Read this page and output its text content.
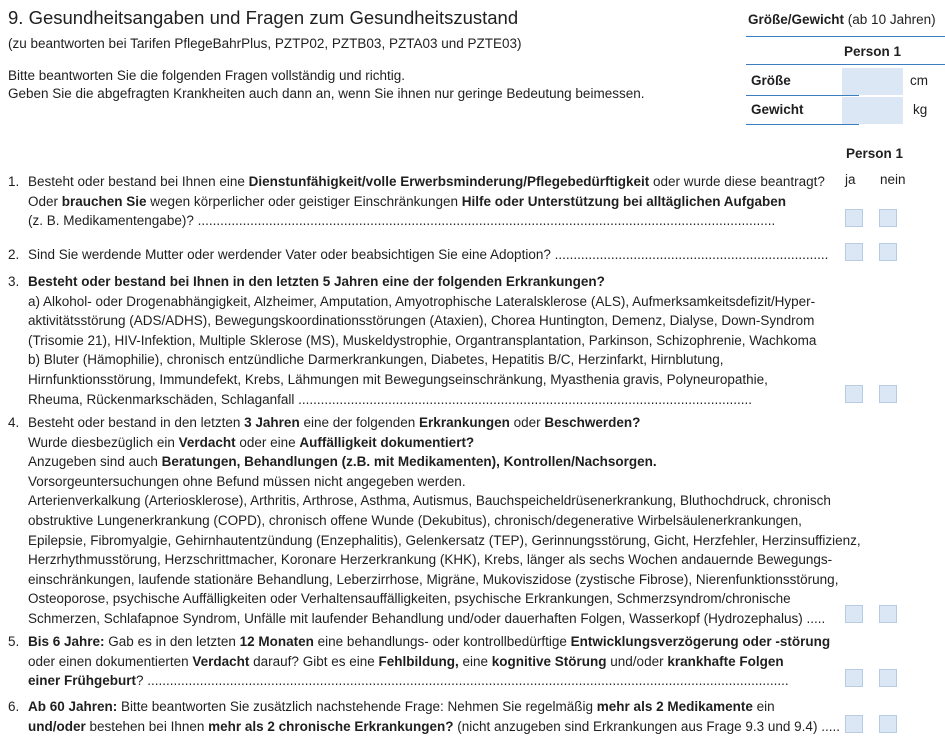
9. Gesundheitsangaben und Fragen zum Gesundheitszustand
(zu beantworten bei Tarifen PflegeBahrPlus, PZTP02, PZTB03, PZTA03 und PZTE03)
Bitte beantworten Sie die folgenden Fragen vollständig und richtig.
Geben Sie die abgefragten Krankheiten auch dann an, wenn Sie ihnen nur geringe Bedeutung beimessen.
Größe/Gewicht (ab 10 Jahren)
Person 1
Größe	cm
Gewicht	kg
Person 1
ja nein
1. Besteht oder bestand bei Ihnen eine Dienstunfähigkeit/volle Erwerbsminderung/Pflegebedürftigkeit oder wurde diese beantragt?
Oder brauchen Sie wegen körperlicher oder geistiger Einschränkungen Hilfe oder Unterstützung bei alltäglichen Aufgaben
(z. B. Medikamentengabe)? ..........................................................................................................................................................
2. Sind Sie werdende Mutter oder werdender Vater oder beabsichtigen Sie eine Adoption? .........................................................................
3. Besteht oder bestand bei Ihnen in den letzten 5 Jahren eine der folgenden Erkrankungen?
a) Alkohol- oder Drogenabhängigkeit, Alzheimer, Amputation, Amyotrophische Lateralsklerose (ALS), Aufmerksamkeitsdefizit/Hyper-
aktivitätsstörung (ADS/ADHS), Bewegungskoordinationsstörungen (Ataxien), Chorea Huntington, Demenz, Dialyse, Down-Syndrom
(Trisomie 21), HIV-Infektion, Multiple Sklerose (MS), Muskeldystrophie, Organtransplantation, Parkinson, Schizophrenie, Wachkoma
b) Bluter (Hämophilie), chronisch entzündliche Darmerkrankungen, Diabetes, Hepatitis B/C, Herzinfarkt, Hirnblutung,
Hirnfunktionsstörung, Immundefekt, Krebs, Lähmungen mit Bewegungseinschränkung, Myasthenia gravis, Polyneuropathie,
Rheuma, Rückenmarkschäden, Schlaganfall .........................................................................................................................
4. Besteht oder bestand in den letzten 3 Jahren eine der folgenden Erkrankungen oder Beschwerden?
Wurde diesbezüglich ein Verdacht oder eine Auffälligkeit dokumentiert?
Anzugeben sind auch Beratungen, Behandlungen (z.B. mit Medikamenten), Kontrollen/Nachsorgen.
Vorsorgeuntersuchungen ohne Befund müssen nicht angegeben werden.
Arterienverkalkung (Arteriosklerose), Arthritis, Arthrose, Asthma, Autismus, Bauchspeicheldrüsenerkrankung, Bluthochdruck, chronisch
obstruktive Lungenerkrankung (COPD), chronisch offene Wunde (Dekubitus), chronisch/degenerative Wirbelsäulenerkrankungen,
Epilepsie, Fibromyalgie, Gehirnhautentzündung (Enzephalitis), Gelenkersatz (TEP), Gerinnungsstörung, Gicht, Herzfehler, Herzinsuffizienz,
Herzrhythmusstörung, Herzschrittmacher, Koronare Herzerkrankung (KHK), Krebs, länger als sechs Wochen andauernde Bewegungs-
einschränkungen, laufende stationäre Behandlung, Leberzirrhose, Migräne, Mukoviszidose (zystische Fibrose), Nierenfunktionsstörung,
Osteoporose, psychische Auffälligkeiten oder Verhaltensauffälligkeiten, psychische Erkrankungen, Schmerzsyndrom/chronische
Schmerzen, Schlafapnoe Syndrom, Unfälle mit laufender Behandlung und/oder dauerhaften Folgen, Wasserkopf (Hydrozephalus) .....
5. Bis 6 Jahre: Gab es in den letzten 12 Monaten eine behandlungs- oder kontrollbedürftige Entwicklungsverzögerung oder -störung
oder einen dokumentierten Verdacht darauf? Gibt es eine Fehlbildung, eine kognitive Störung und/oder krankhafte Folgen
einer Frühgeburt? ...........................................................................................................................................................................
6. Ab 60 Jahren: Bitte beantworten Sie zusätzlich nachstehende Frage: Nehmen Sie regelmäßig mehr als 2 Medikamente ein
und/oder bestehen bei Ihnen mehr als 2 chronische Erkrankungen? (nicht anzugeben sind Erkrankungen aus Frage 9.3 und 9.4) .....
